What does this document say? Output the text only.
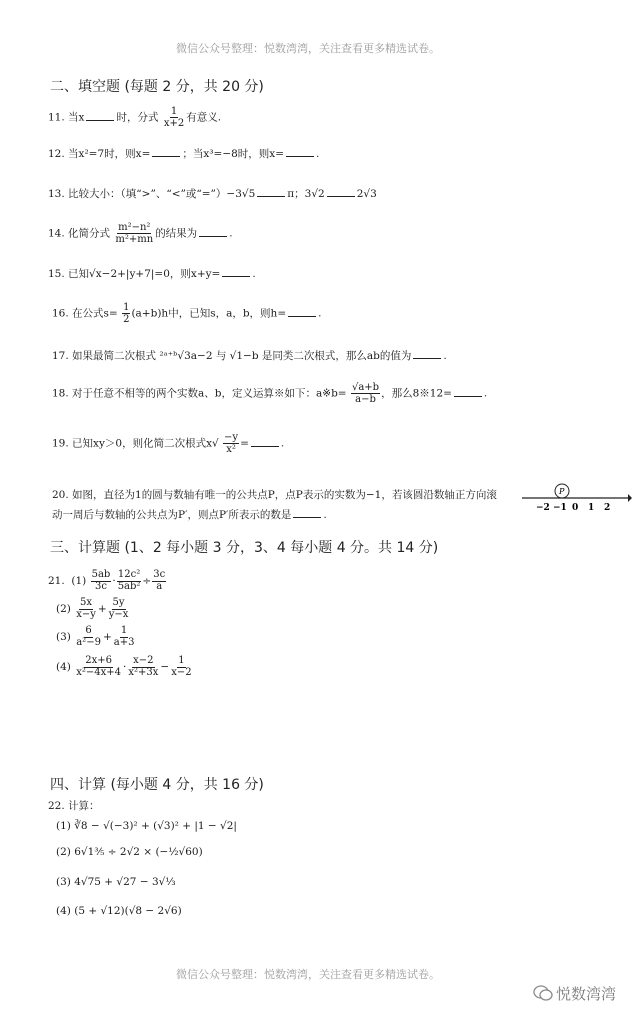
微信公众号整理：悦数湾湾，关注查看更多精选试卷。
二、填空题 (每题 2 分，共 20 分)
11. 当x	时，分式 $\frac{1}{x+2}$ 有意义.
12. 当x²=7时，则x=	；当x³=−8时，则x=	.
13. 比较大小：（填“>”、“<”或“=”）−3√5	π；3√2	2√3
14. 化简分式 $\frac{\text{m²−n²}}{\text{m²+mn}}$ 的结果为	.
15. 已知√x−2+|y+7|=0，则x+y=	.
16. 在公式$s= \frac{1}{2} (a+b)h$中，已知s，a，b，则h=	.
17. 如果最简二次根式 ²ᵃ⁺ᵇ√3a−2 与 √1−b 是同类二次根式，那么ab的值为	.
18. 对于任意不相等的两个实数a、b，定义运算※如下：a※b= $\frac{√a+b}{a-b}$ ，那么8※12=	.
19. 已知xy＞0，则化简二次根式$x√ \frac{-y}{\text{x²}}$ =	.
20. 如图，直径为1的圆与数轴有唯一的公共点P，点P表示的实数为−1，若该圆沿数轴正方向滚
动一周后与数轴的公共点为P′，则点P′所表示的数是	.
P
−2 −1 0 1 2
三、计算题 (1、2 每小题 3 分，3、4 每小题 4 分。共 14 分)
21. $(1) \frac{5ab}{3c} \cdot \frac{\text{12c²}}{\text{5ab²}} \div \frac{3c}{a}$
$(2) \frac{5x}{x-y} + \frac{5y}{y-x}$
$(3) \frac{6}{\text{a²−9}} + \frac{1}{a+3}$
$(4) \frac{2x+6}{\text{x²−4x+4}} \cdot \frac{x-2}{\text{x²+3x}} - \frac{1}{x-2}$
四、计算 (每小题 4 分，共 16 分)
22. 计算：
(1) ∛8 − √(−3)² + (√3)² + |1 − √2|
(2) 6√1⅗ ÷ 2√2 × (−½√60)
(3) 4√75 + √27 − 3√⅓
(4) (5 + √12)(√8 − 2√6)
微信公众号整理：悦数湾湾，关注查看更多精选试卷。
悦数湾湾
